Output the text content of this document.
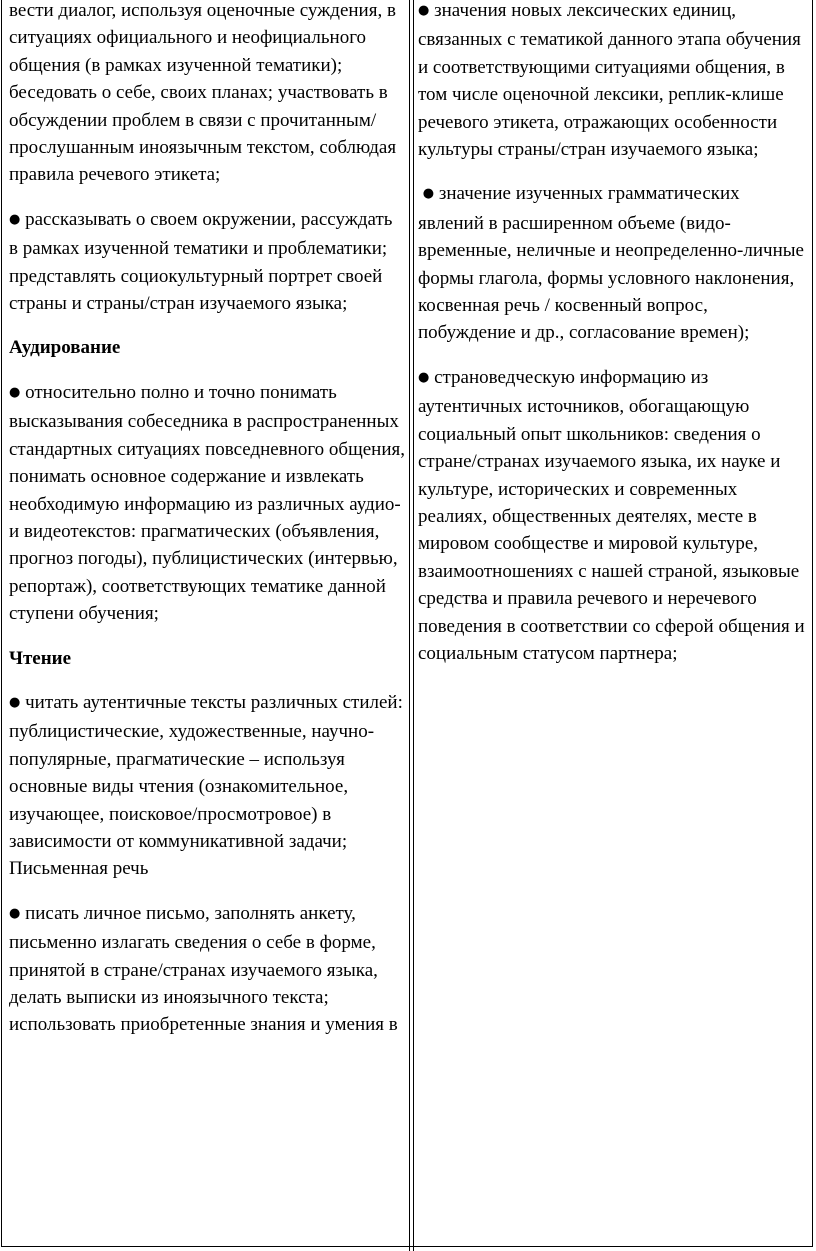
вести диалог, используя оценочные суждения, в ситуациях официального и неофициального общения (в рамках изученной тематики); беседовать о себе, своих планах; участвовать в обсуждении проблем в связи с прочитанным/прослушанным иноязычным текстом, соблюдая правила речевого этикета;

● рассказывать о своем окружении, рассуждать в рамках изученной тематики и проблематики; представлять социокультурный портрет своей страны и страны/стран изучаемого языка;

Аудирование

● относительно полно и точно понимать высказывания собеседника в распространенных стандартных ситуациях повседневного общения, понимать основное содержание и извлекать необходимую информацию из различных аудио- и видеотекстов: прагматических (объявления, прогноз погоды), публицистических (интервью, репортаж), соответствующих тематике данной ступени обучения;

Чтение

● читать аутентичные тексты различных стилей: публицистические, художественные, научно-популярные, прагматические – используя основные виды чтения (ознакомительное, изучающее, поисковое/просмотровое) в зависимости от коммуникативной задачи;
Письменная речь

● писать личное письмо, заполнять анкету, письменно излагать сведения о себе в форме, принятой в стране/странах изучаемого языка, делать выписки из иноязычного текста; использовать приобретенные знания и умения в

● значения новых лексических единиц, связанных с тематикой данного этапа обучения и соответствующими ситуациями общения, в том числе оценочной лексики, реплик-клише речевого этикета, отражающих особенности культуры страны/стран изучаемого языка;

● значение изученных грамматических явлений в расширенном объеме (видо-временные, неличные и неопределенно-личные формы глагола, формы условного наклонения, косвенная речь / косвенный вопрос, побуждение и др., согласование времен);

● страноведческую информацию из аутентичных источников, обогащающую социальный опыт школьников: сведения о стране/странах изучаемого языка, их науке и культуре, исторических и современных реалиях, общественных деятелях, месте в мировом сообществе и мировой культуре, взаимоотношениях с нашей страной, языковые средства и правила речевого и неречевого поведения в соответствии со сферой общения и социальным статусом партнера;
